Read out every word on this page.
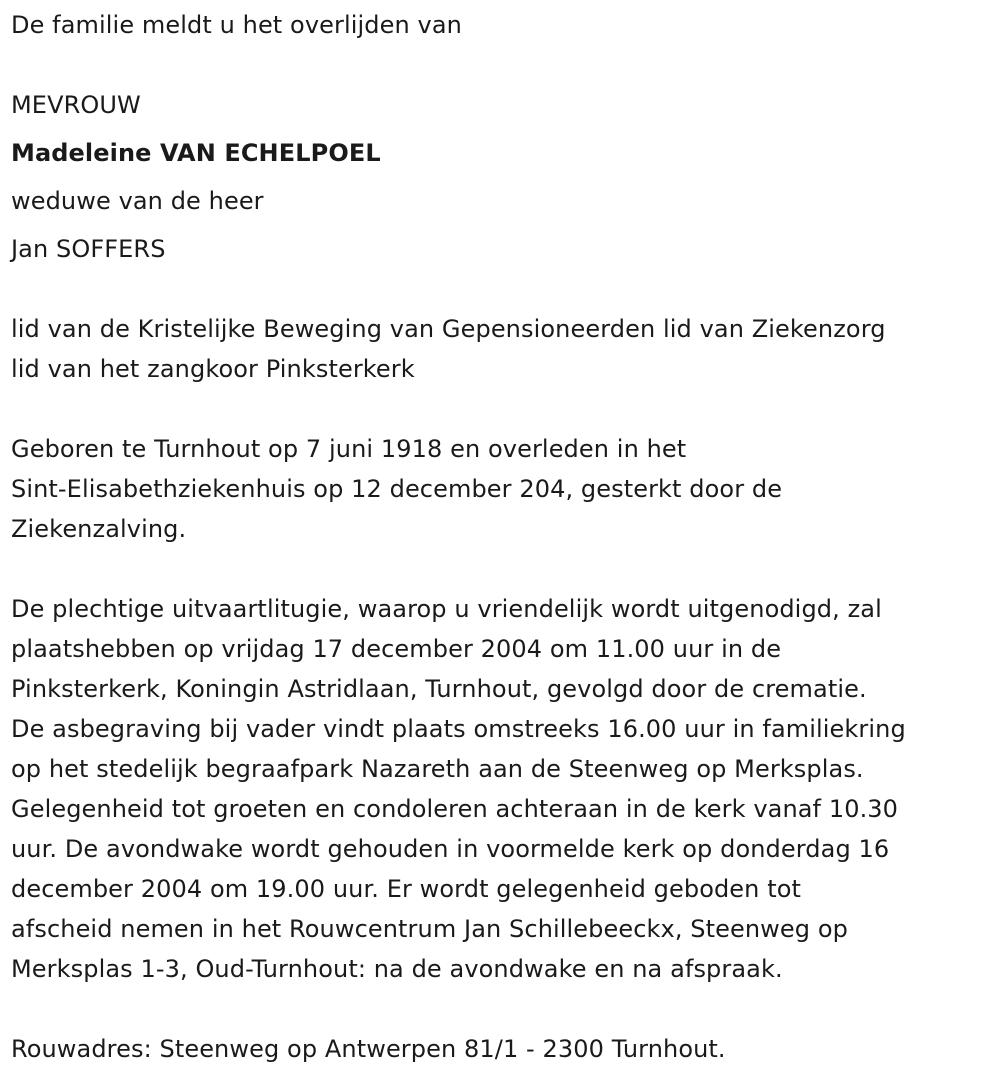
De familie meldt u het overlijden van
MEVROUW
Madeleine VAN ECHELPOEL
weduwe van de heer
Jan SOFFERS
lid van de Kristelijke Beweging van Gepensioneerden lid van Ziekenzorg
lid van het zangkoor Pinksterkerk
Geboren te Turnhout op 7 juni 1918 en overleden in het
Sint-Elisabethziekenhuis op 12 december 204, gesterkt door de
Ziekenzalving.
De plechtige uitvaartlitugie, waarop u vriendelijk wordt uitgenodigd, zal
plaatshebben op vrijdag 17 december 2004 om 11.00 uur in de
Pinksterkerk, Koningin Astridlaan, Turnhout, gevolgd door de crematie.
De asbegraving bij vader vindt plaats omstreeks 16.00 uur in familiekring
op het stedelijk begraafpark Nazareth aan de Steenweg op Merksplas.
Gelegenheid tot groeten en condoleren achteraan in de kerk vanaf 10.30
uur. De avondwake wordt gehouden in voormelde kerk op donderdag 16
december 2004 om 19.00 uur. Er wordt gelegenheid geboden tot
afscheid nemen in het Rouwcentrum Jan Schillebeeckx, Steenweg op
Merksplas 1-3, Oud-Turnhout: na de avondwake en na afspraak.
Rouwadres: Steenweg op Antwerpen 81/1 - 2300 Turnhout.
